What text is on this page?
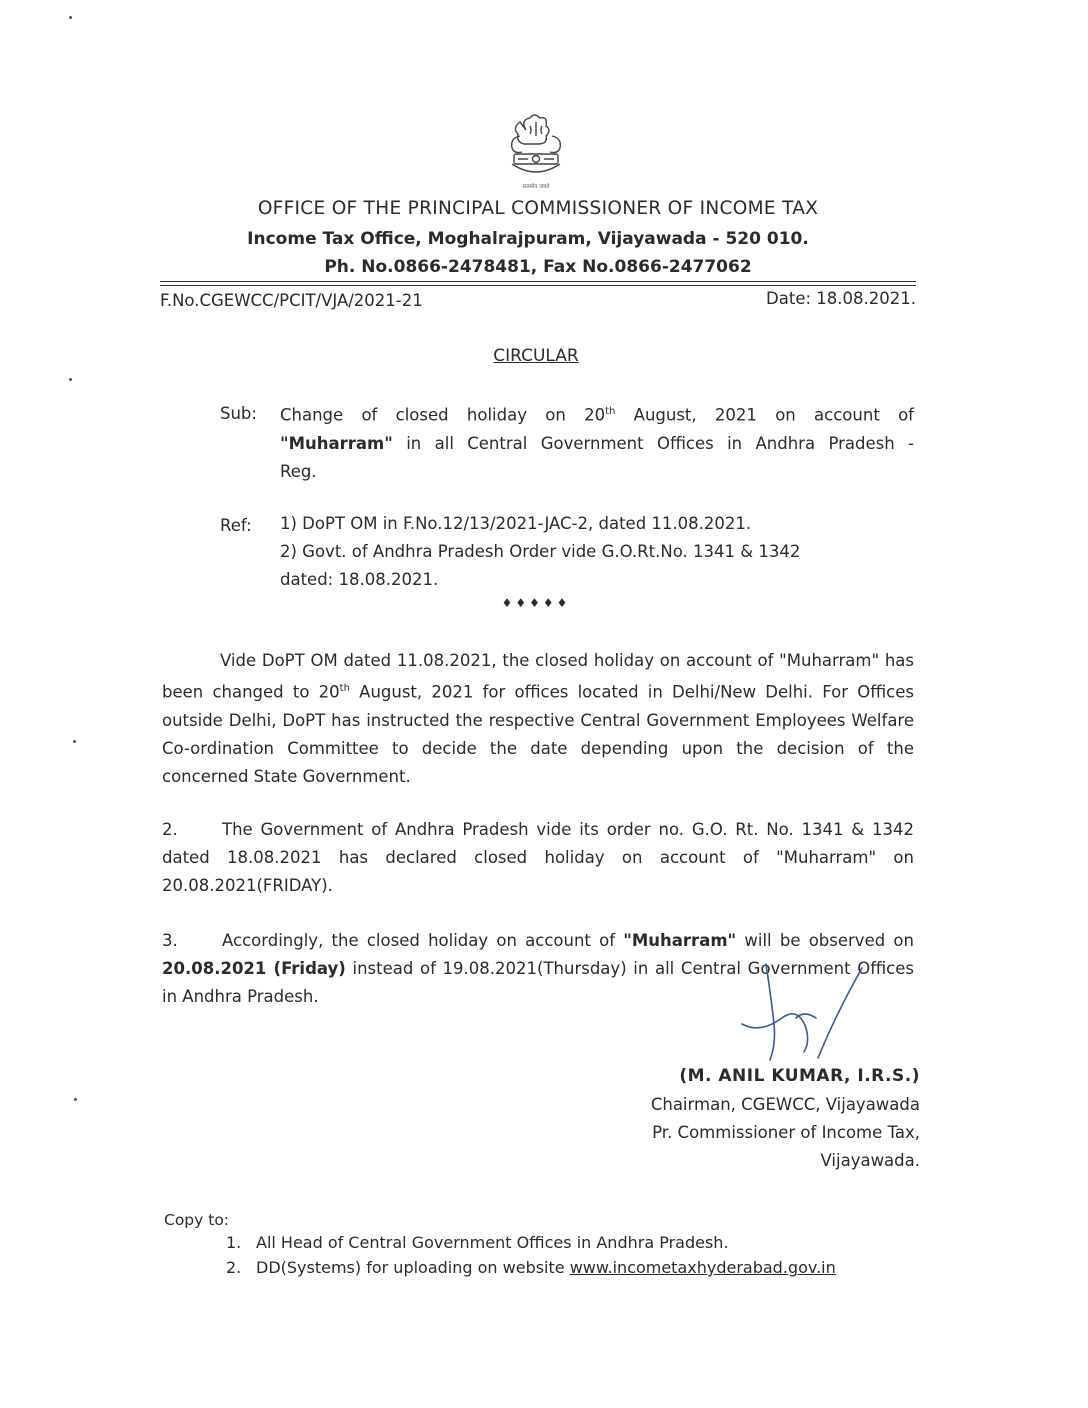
सत्यमेव जयते
OFFICE OF THE PRINCIPAL COMMISSIONER OF INCOME TAX
Income Tax Office, Moghalrajpuram, Vijayawada - 520 010.
Ph. No.0866-2478481, Fax No.0866-2477062
F.No.CGEWCC/PCIT/VJA/2021-21	Date: 18.08.2021.
CIRCULAR
Sub: Change of closed holiday on 20th August, 2021 on account of
"Muharram" in all Central Government Offices in Andhra Pradesh -
Reg.
Ref: 1) DoPT OM in F.No.12/13/2021-JAC-2, dated 11.08.2021.
2) Govt. of Andhra Pradesh Order vide G.O.Rt.No. 1341 & 1342
dated: 18.08.2021.
♦♦♦♦♦
Vide DoPT OM dated 11.08.2021, the closed holiday on account of "Muharram" has been changed to 20th August, 2021 for offices located in Delhi/New Delhi. For Offices outside Delhi, DoPT has instructed the respective Central Government Employees Welfare Co-ordination Committee to decide the date depending upon the decision of the concerned State Government.
2.	The Government of Andhra Pradesh vide its order no. G.O. Rt. No. 1341 & 1342 dated 18.08.2021 has declared closed holiday on account of "Muharram" on 20.08.2021(FRIDAY).
3.	Accordingly, the closed holiday on account of "Muharram" will be observed on 20.08.2021 (Friday) instead of 19.08.2021(Thursday) in all Central Government Offices in Andhra Pradesh.
(M. ANIL KUMAR, I.R.S.)
Chairman, CGEWCC, Vijayawada
Pr. Commissioner of Income Tax,
Vijayawada.
Copy to:
1. All Head of Central Government Offices in Andhra Pradesh.
2. DD(Systems) for uploading on website www.incometaxhyderabad.gov.in
